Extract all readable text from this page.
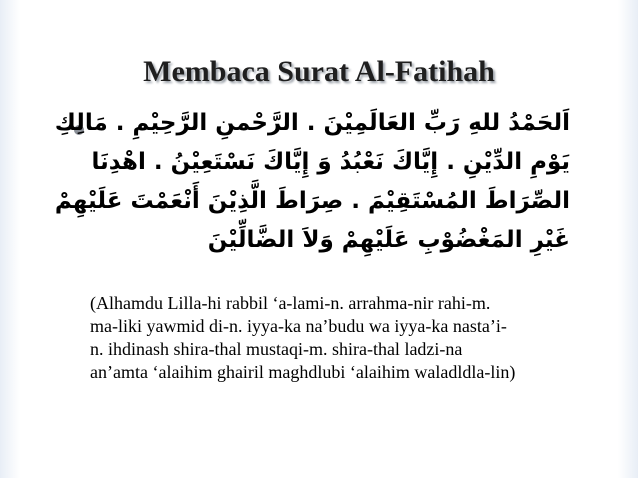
Membaca Surat Al-Fatihah
اَلحَمْدُ للهِ رَبِّ العَالَمِيْنَ . الرَّحْمنِ الرَّحِيْمِ . مَالِكِ
يَوْمِ الدِّيْنِ . إِيَّاكَ نَعْبُدُ وَ إِيَّاكَ نَسْتَعِيْنُ . اهْدِنَا
الصِّرَاطَ المُسْتَقِيْمَ . صِرَاطَ الَّذِيْنَ أَنْعَمْتَ عَلَيْهِمْ
غَيْرِ المَغْضُوْبِ عَلَيْهِمْ وَلاَ الضَّالِّيْنَ
(Alhamdu Lilla-hi rabbil ‘a-lami-n. arrahma-nir rahi-m.
ma-liki yawmid di-n. iyya-ka na’budu wa iyya-ka nasta’i-
n. ihdinash shira-thal mustaqi-m. shira-thal ladzi-na
an’amta ‘alaihim ghairil maghdlubi ‘alaihim waladldla-lin)
